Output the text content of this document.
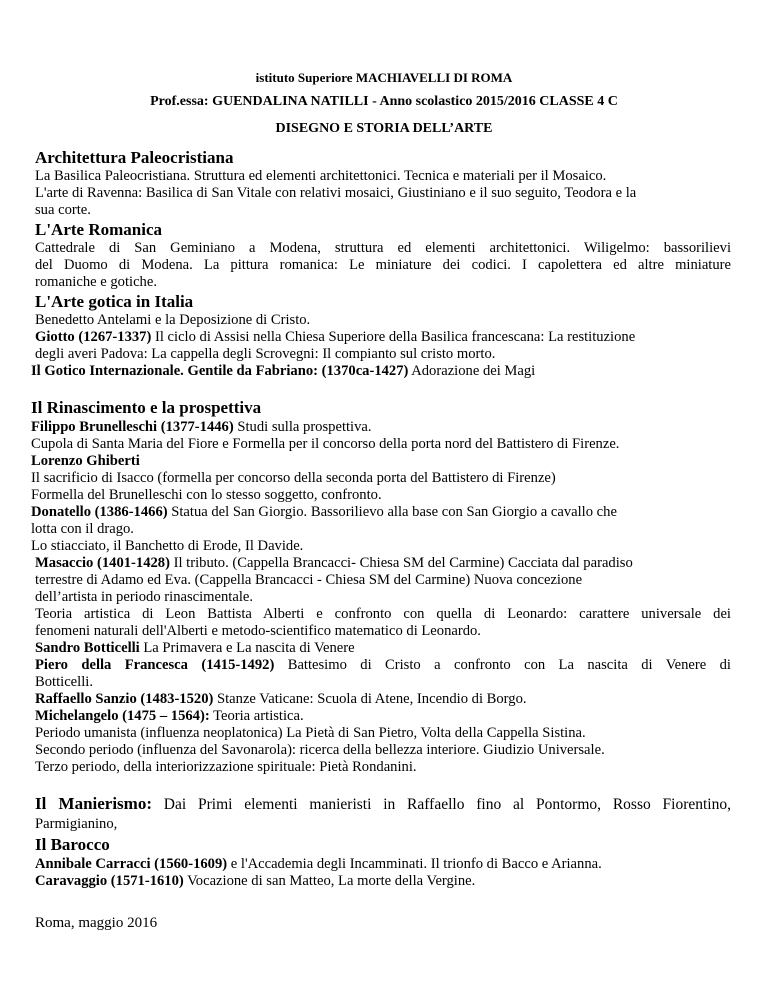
istituto Superiore MACHIAVELLI DI ROMA
Prof.essa: GUENDALINA NATILLI - Anno scolastico 2015/2016 CLASSE 4 C
DISEGNO E STORIA DELL’ARTE
Architettura Paleocristiana
La Basilica Paleocristiana. Struttura ed elementi architettonici. Tecnica e materiali per il Mosaico.
L'arte di Ravenna: Basilica di San Vitale con relativi mosaici, Giustiniano e il suo seguito, Teodora e la
sua corte.
L'Arte Romanica
Cattedrale di San Geminiano a Modena, struttura ed elementi architettonici. Wiligelmo: bassorilievi
del Duomo di Modena. La pittura romanica: Le miniature dei codici. I capolettera ed altre miniature
romaniche e gotiche.
L'Arte gotica in Italia
Benedetto Antelami e la Deposizione di Cristo.
Giotto (1267-1337) Il ciclo di Assisi nella Chiesa Superiore della Basilica francescana: La restituzione
degli averi Padova: La cappella degli Scrovegni: Il compianto sul cristo morto.
Il Gotico Internazionale. Gentile da Fabriano: (1370ca-1427) Adorazione dei Magi
Il Rinascimento e la prospettiva
Filippo Brunelleschi (1377-1446) Studi sulla prospettiva.
Cupola di Santa Maria del Fiore e Formella per il concorso della porta nord del Battistero di Firenze.
Lorenzo Ghiberti
Il sacrificio di Isacco (formella per concorso della seconda porta del Battistero di Firenze)
Formella del Brunelleschi con lo stesso soggetto, confronto.
Donatello (1386-1466) Statua del San Giorgio. Bassorilievo alla base con San Giorgio a cavallo che
lotta con il drago.
Lo stiacciato, il Banchetto di Erode, Il Davide.
Masaccio (1401-1428) Il tributo. (Cappella Brancacci- Chiesa SM del Carmine) Cacciata dal paradiso
terrestre di Adamo ed Eva. (Cappella Brancacci - Chiesa SM del Carmine) Nuova concezione
dell’artista in periodo rinascimentale.
Teoria artistica di Leon Battista Alberti e confronto con quella di Leonardo: carattere universale dei
fenomeni naturali dell'Alberti e metodo-scientifico matematico di Leonardo.
Sandro Botticelli La Primavera e La nascita di Venere
Piero della Francesca (1415-1492) Battesimo di Cristo a confronto con La nascita di Venere di
Botticelli.
Raffaello Sanzio (1483-1520) Stanze Vaticane: Scuola di Atene, Incendio di Borgo.
Michelangelo (1475 – 1564): Teoria artistica.
Periodo umanista (influenza neoplatonica) La Pietà di San Pietro, Volta della Cappella Sistina.
Secondo periodo (influenza del Savonarola): ricerca della bellezza interiore. Giudizio Universale.
Terzo periodo, della interiorizzazione spirituale: Pietà Rondanini.
Il Manierismo: Dai Primi elementi manieristi in Raffaello fino al Pontormo, Rosso Fiorentino,
Parmigianino,
Il Barocco
Annibale Carracci (1560-1609) e l'Accademia degli Incamminati. Il trionfo di Bacco e Arianna.
Caravaggio (1571-1610) Vocazione di san Matteo, La morte della Vergine.
Roma, maggio 2016
